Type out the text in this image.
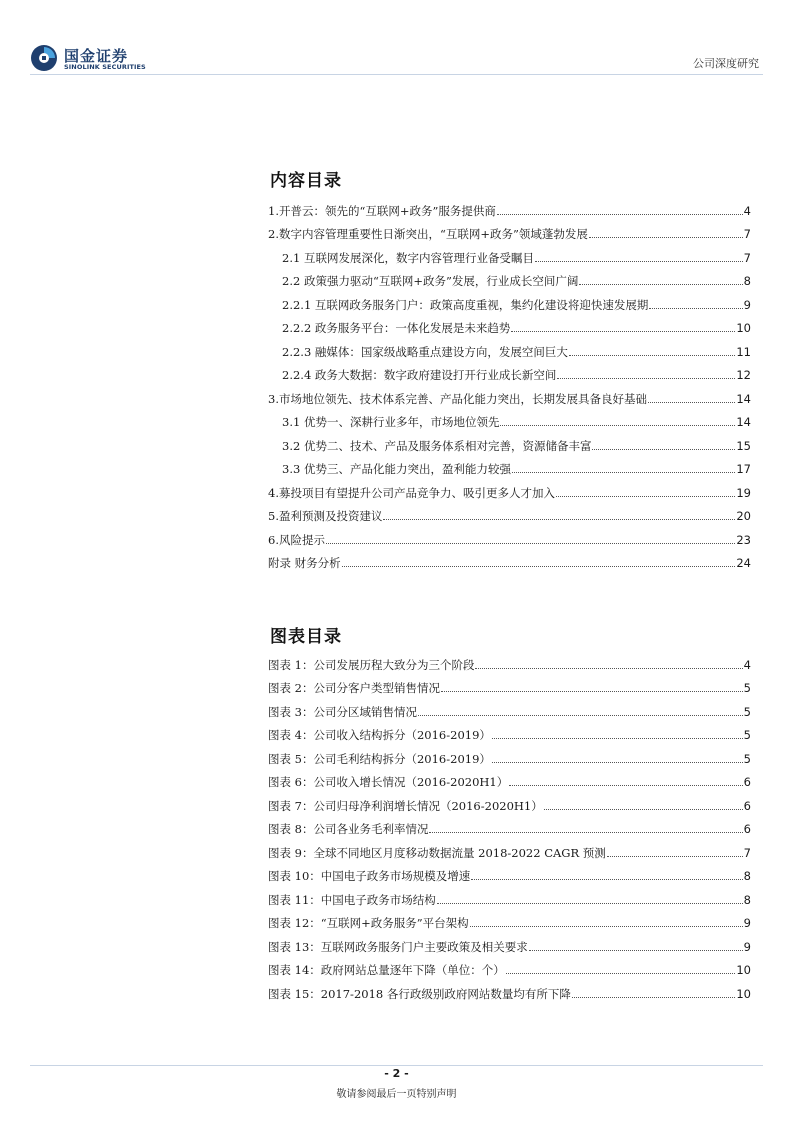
国金证券
SINOLINK SECURITIES	公司深度研究
内容目录
1.开普云：领先的“互联网+政务”服务提供商	4
2.数字内容管理重要性日渐突出，“互联网+政务”领域蓬勃发展	7
2.1 互联网发展深化，数字内容管理行业备受瞩目	7
2.2 政策强力驱动“互联网+政务”发展，行业成长空间广阔	8
2.2.1 互联网政务服务门户：政策高度重视，集约化建设将迎快速发展期	9
2.2.2 政务服务平台：一体化发展是未来趋势	10
2.2.3 融媒体：国家级战略重点建设方向，发展空间巨大	11
2.2.4 政务大数据：数字政府建设打开行业成长新空间	12
3.市场地位领先、技术体系完善、产品化能力突出，长期发展具备良好基础	14
3.1 优势一、深耕行业多年，市场地位领先	14
3.2 优势二、技术、产品及服务体系相对完善，资源储备丰富	15
3.3 优势三、产品化能力突出，盈利能力较强	17
4.募投项目有望提升公司产品竞争力、吸引更多人才加入	19
5.盈利预测及投资建议	20
6.风险提示	23
附录 财务分析	24
图表目录
图表 1：公司发展历程大致分为三个阶段	4
图表 2：公司分客户类型销售情况	5
图表 3：公司分区域销售情况	5
图表 4：公司收入结构拆分（2016-2019）	5
图表 5：公司毛利结构拆分（2016-2019）	5
图表 6：公司收入增长情况（2016-2020H1）	6
图表 7：公司归母净利润增长情况（2016-2020H1）	6
图表 8：公司各业务毛利率情况	6
图表 9：全球不同地区月度移动数据流量 2018-2022 CAGR 预测	7
图表 10：中国电子政务市场规模及增速	8
图表 11：中国电子政务市场结构	8
图表 12：“互联网+政务服务”平台架构	9
图表 13：互联网政务服务门户主要政策及相关要求	9
图表 14：政府网站总量逐年下降（单位：个）	10
图表 15：2017-2018 各行政级别政府网站数量均有所下降	10
- 2 -
敬请参阅最后一页特别声明
